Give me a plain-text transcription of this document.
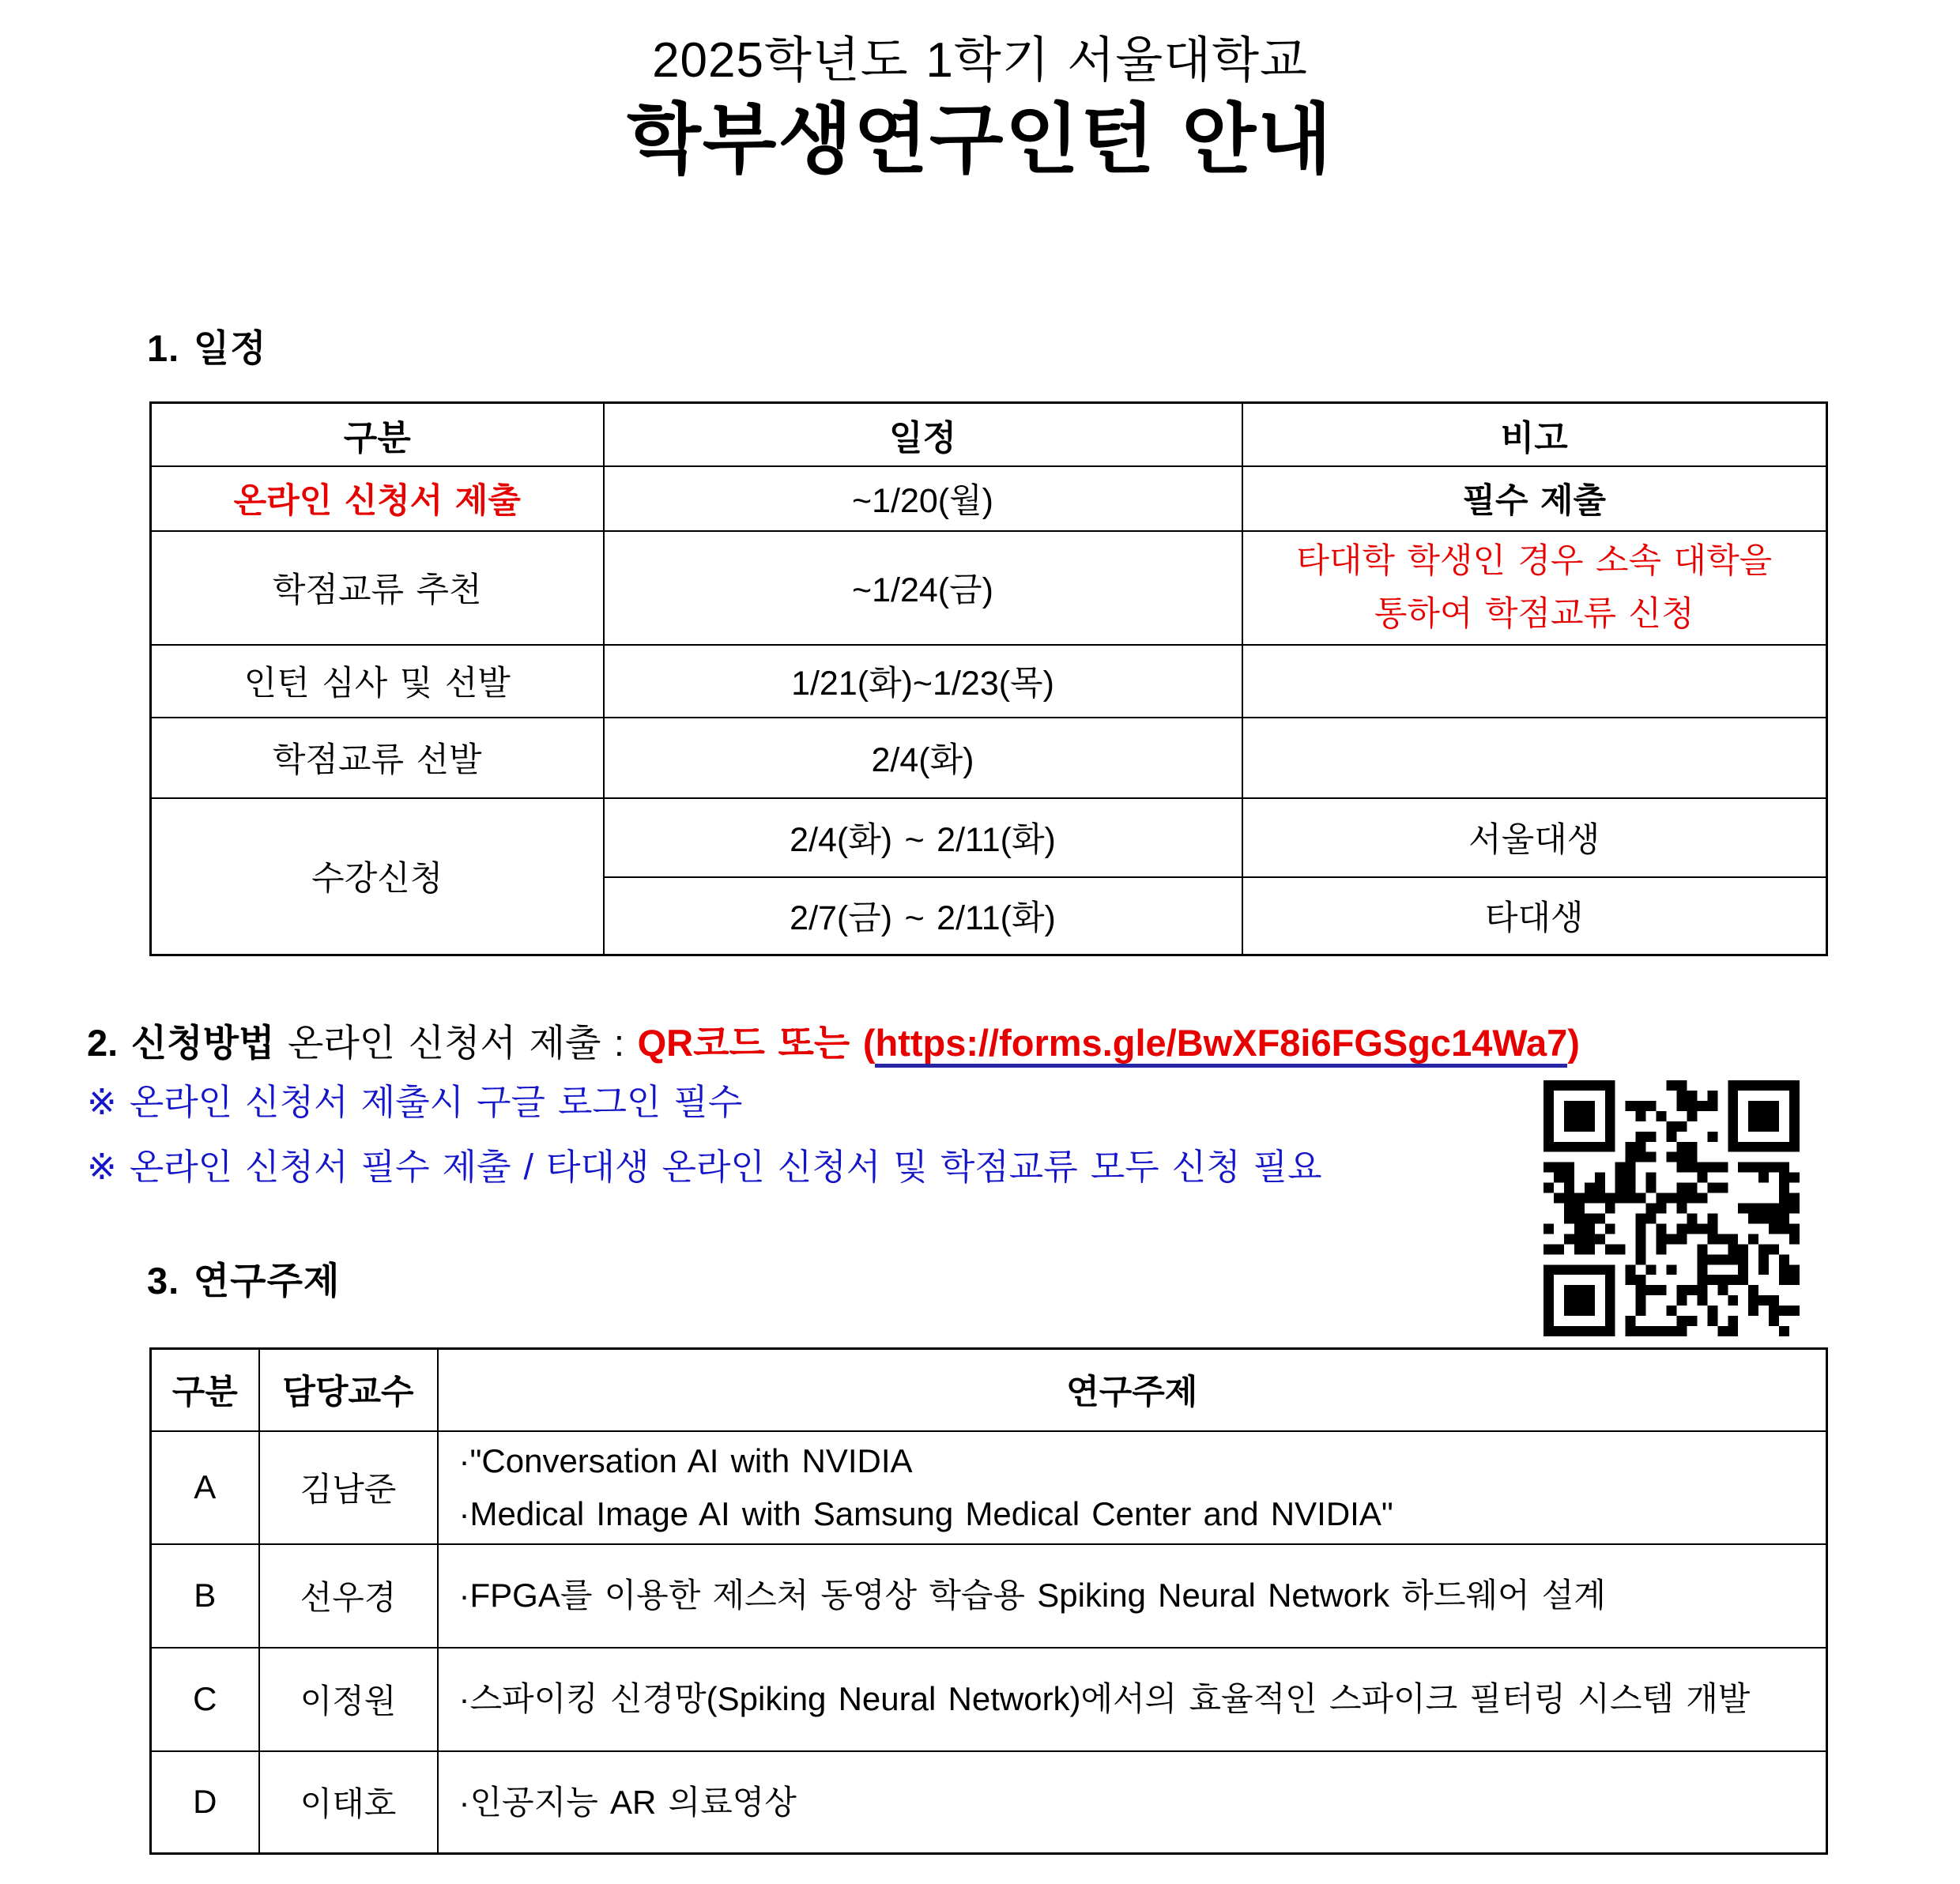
2025학년도 1학기 서울대학교
학부생연구인턴 안내
1. 일정
구분	일정	비고
온라인 신청서 제출	~1/20(월)	필수 제출
학점교류 추천	~1/24(금)	타대학 학생인 경우 소속 대학을
통하여 학점교류 신청

인턴 심사 및 선발	1/21(화)~1/23(목)	
학점교류 선발	2/4(화)	
수강신청	2/4(화) ~ 2/11(화)	서울대생
	2/7(금) ~ 2/11(화)	타대생
2. 신청방법 온라인 신청서 제출 : QR코드 또는 (https://forms.gle/BwXF8i6FGSgc14Wa7)
※ 온라인 신청서 제출시 구글 로그인 필수
※ 온라인 신청서 필수 제출 / 타대생 온라인 신청서 및 학점교류 모두 신청 필요
3. 연구주제
구분	담당교수	연구주제
A	김남준	·"Conversation AI with NVIDIA
·Medical Image AI with Samsung Medical Center and NVIDIA"

B	선우경	·FPGA를 이용한 제스처 동영상 학습용 Spiking Neural Network 하드웨어 설계
C	이정원	·스파이킹 신경망(Spiking Neural Network)에서의 효율적인 스파이크 필터링 시스템 개발
D	이태호	·인공지능 AR 의료영상
